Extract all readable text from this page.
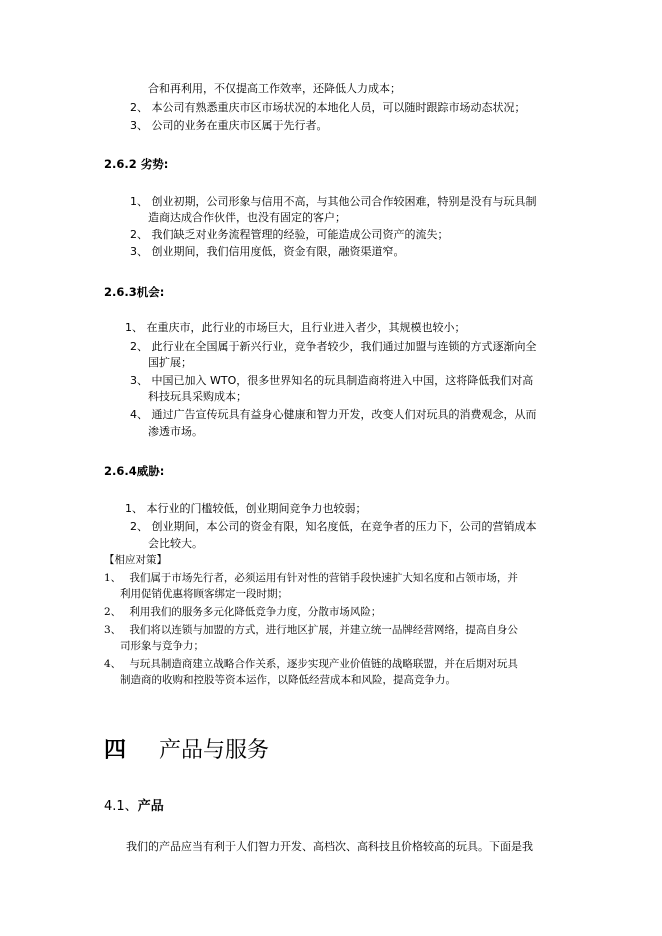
合和再利用，不仅提高工作效率，还降低人力成本；
2、 本公司有熟悉重庆市区市场状况的本地化人员，可以随时跟踪市场动态状况；
3、 公司的业务在重庆市区属于先行者。
2.6.2 劣势:
1、 创业初期，公司形象与信用不高，与其他公司合作较困难，特别是没有与玩具制
造商达成合作伙伴，也没有固定的客户；
2、 我们缺乏对业务流程管理的经验，可能造成公司资产的流失；
3、 创业期间，我们信用度低，资金有限，融资渠道窄。
2.6.3机会:
1、 在重庆市，此行业的市场巨大，且行业进入者少，其规模也较小；
2、 此行业在全国属于新兴行业，竞争者较少，我们通过加盟与连锁的方式逐渐向全
国扩展；
3、 中国已加入 WTO，很多世界知名的玩具制造商将进入中国，这将降低我们对高
科技玩具采购成本；
4、 通过广告宣传玩具有益身心健康和智力开发，改变人们对玩具的消费观念，从而
渗透市场。
2.6.4威胁:
1、 本行业的门槛较低，创业期间竞争力也较弱；
2、 创业期间，本公司的资金有限，知名度低，在竞争者的压力下，公司的营销成本
会比较大。
【相应对策】
1、 我们属于市场先行者，必须运用有针对性的营销手段快速扩大知名度和占领市场，并
利用促销优惠将顾客绑定一段时期；
2、 利用我们的服务多元化降低竞争力度，分散市场风险；
3、 我们将以连锁与加盟的方式，进行地区扩展，并建立统一品牌经营网络，提高自身公
司形象与竞争力；
4、 与玩具制造商建立战略合作关系，逐步实现产业价值链的战略联盟，并在后期对玩具
制造商的收购和控股等资本运作，以降低经营成本和风险，提高竞争力。
四 产品与服务
4.1、产品
我们的产品应当有利于人们智力开发、高档次、高科技且价格较高的玩具。下面是我
